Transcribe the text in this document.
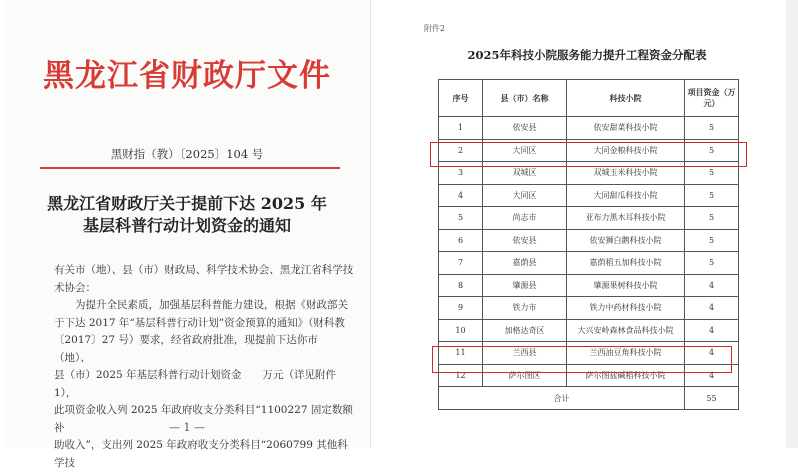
黑龙江省财政厅文件
黑财指（教）〔2025〕104 号
黑龙江省财政厅关于提前下达 2025 年
基层科普行动计划资金的通知

有关市（地）、县（市）财政局、科学技术协会、黑龙江省科学技

术协会：

为提升全民素质，加强基层科普能力建设，根据《财政部关

于下达 2017 年“基层科普行动计划”资金预算的通知》（财科教

〔2017〕27 号）要求，经省政府批准，现提前下达你市（地）、

县（市）2025 年基层科普行动计划资金　　万元（详见附件 1），

此项资金收入列 2025 年政府收支分类科目“1100227 固定数额补

助收入”，支出列 2025 年政府收支分类科目“2060799 其他科学技

— 1 —
附件2
2025年科技小院服务能力提升工程资金分配表
序号	县（市）名称	科技小院	项目资金（万元）
1	依安县	依安甜菜科技小院	5
2	大同区	大同金粮科技小院	5
3	双城区	双城玉米科技小院	5
4	大同区	大同甜瓜科技小院	5
5	尚志市	亚布力黑木耳科技小院	5
6	依安县	依安狮白鹅科技小院	5
7	嘉荫县	嘉荫稻五加科技小院	5
8	肇源县	肇源果树科技小院	4
9	铁力市	铁力中药材科技小院	4
10	加格达奇区	大兴安岭森林食品科技小院	4
11	兰西县	兰西油豆角科技小院	4
12	萨尔图区	萨尔图盐碱稻科技小院	4
合计			55
